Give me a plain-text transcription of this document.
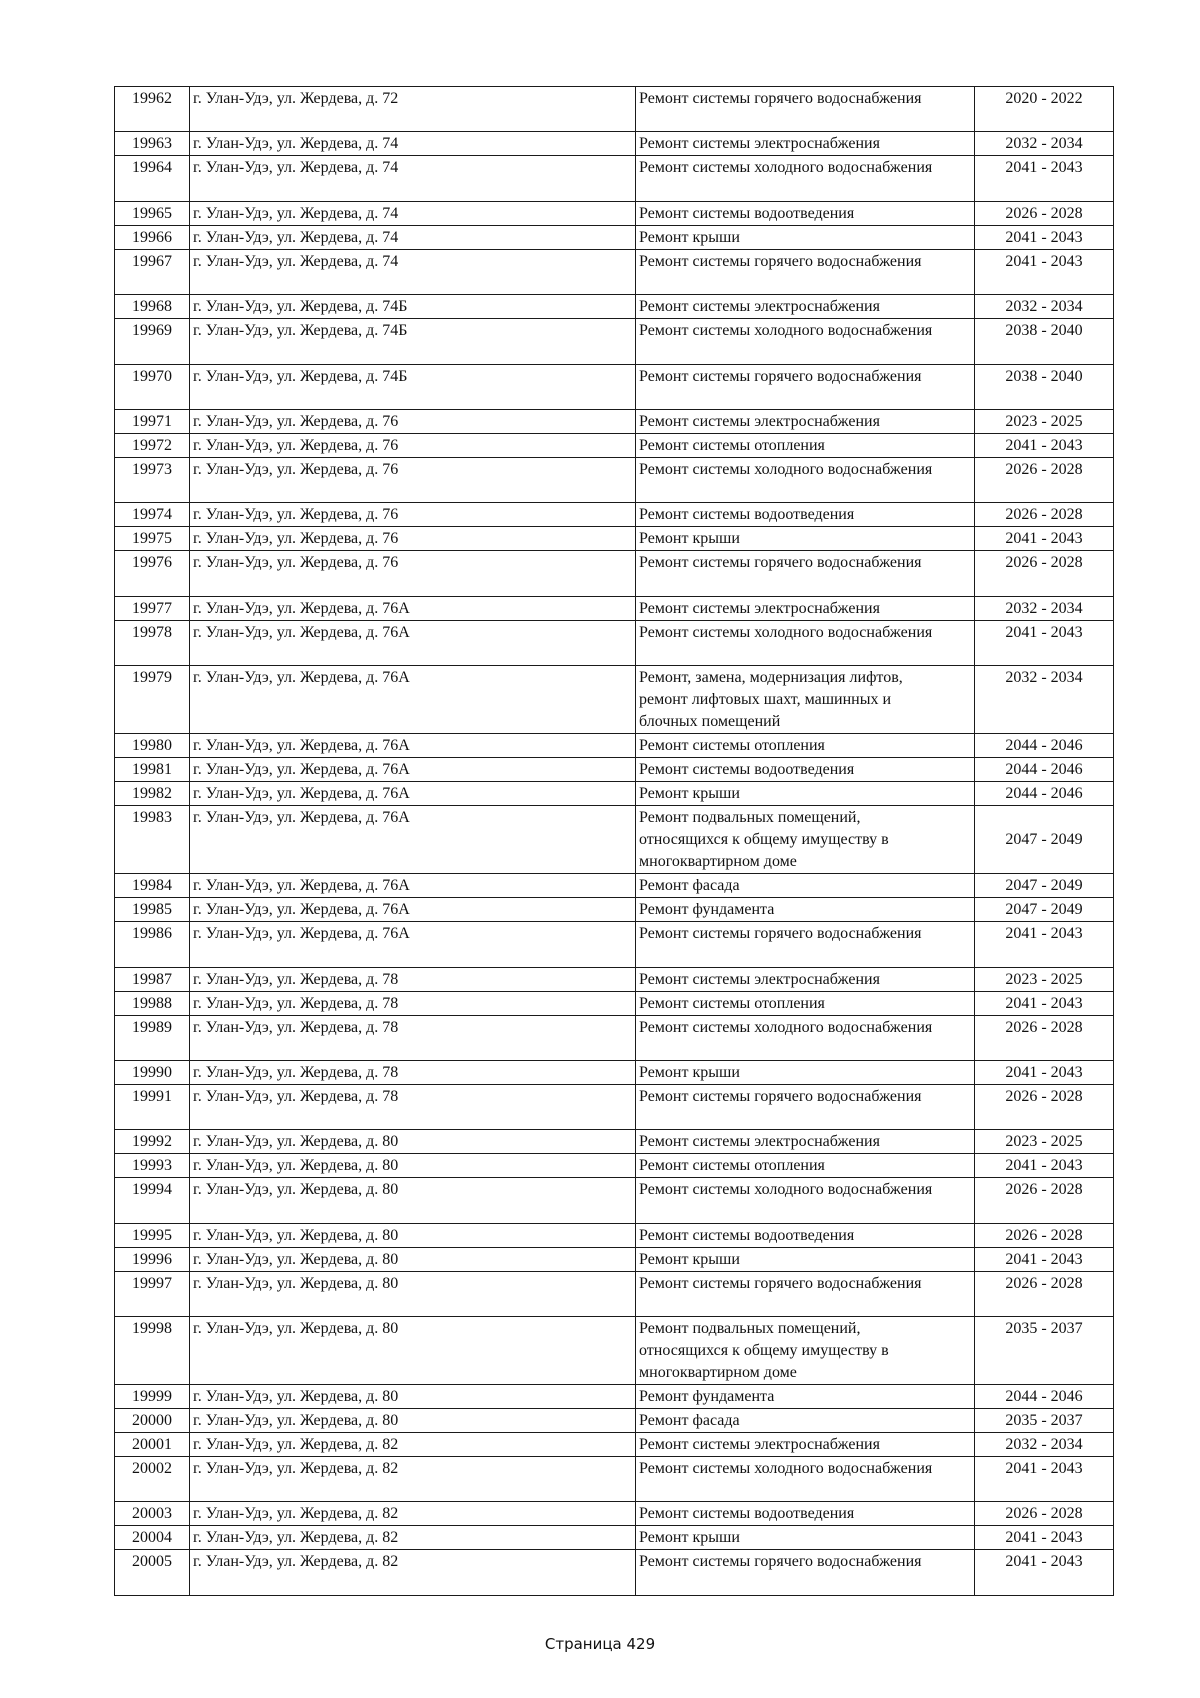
19962	г. Улан-Удэ, ул. Жердева, д. 72	Ремонт системы горячего водоснабжения	2020 - 2022
19963	г. Улан-Удэ, ул. Жердева, д. 74	Ремонт системы электроснабжения	2032 - 2034
19964	г. Улан-Удэ, ул. Жердева, д. 74	Ремонт системы холодного водоснабжения	2041 - 2043
19965	г. Улан-Удэ, ул. Жердева, д. 74	Ремонт системы водоотведения	2026 - 2028
19966	г. Улан-Удэ, ул. Жердева, д. 74	Ремонт крыши	2041 - 2043
19967	г. Улан-Удэ, ул. Жердева, д. 74	Ремонт системы горячего водоснабжения	2041 - 2043
19968	г. Улан-Удэ, ул. Жердева, д. 74Б	Ремонт системы электроснабжения	2032 - 2034
19969	г. Улан-Удэ, ул. Жердева, д. 74Б	Ремонт системы холодного водоснабжения	2038 - 2040
19970	г. Улан-Удэ, ул. Жердева, д. 74Б	Ремонт системы горячего водоснабжения	2038 - 2040
19971	г. Улан-Удэ, ул. Жердева, д. 76	Ремонт системы электроснабжения	2023 - 2025
19972	г. Улан-Удэ, ул. Жердева, д. 76	Ремонт системы отопления	2041 - 2043
19973	г. Улан-Удэ, ул. Жердева, д. 76	Ремонт системы холодного водоснабжения	2026 - 2028
19974	г. Улан-Удэ, ул. Жердева, д. 76	Ремонт системы водоотведения	2026 - 2028
19975	г. Улан-Удэ, ул. Жердева, д. 76	Ремонт крыши	2041 - 2043
19976	г. Улан-Удэ, ул. Жердева, д. 76	Ремонт системы горячего водоснабжения	2026 - 2028
19977	г. Улан-Удэ, ул. Жердева, д. 76А	Ремонт системы электроснабжения	2032 - 2034
19978	г. Улан-Удэ, ул. Жердева, д. 76А	Ремонт системы холодного водоснабжения	2041 - 2043
19979	г. Улан-Удэ, ул. Жердева, д. 76А	Ремонт, замена, модернизация лифтов,
ремонт лифтовых шахт, машинных и
блочных помещений	2032 - 2034
19980	г. Улан-Удэ, ул. Жердева, д. 76А	Ремонт системы отопления	2044 - 2046
19981	г. Улан-Удэ, ул. Жердева, д. 76А	Ремонт системы водоотведения	2044 - 2046
19982	г. Улан-Удэ, ул. Жердева, д. 76А	Ремонт крыши	2044 - 2046
19983	г. Улан-Удэ, ул. Жердева, д. 76А	Ремонт подвальных помещений,
относящихся к общему имуществу в
многоквартирном доме	2047 - 2049
19984	г. Улан-Удэ, ул. Жердева, д. 76А	Ремонт фасада	2047 - 2049
19985	г. Улан-Удэ, ул. Жердева, д. 76А	Ремонт фундамента	2047 - 2049
19986	г. Улан-Удэ, ул. Жердева, д. 76А	Ремонт системы горячего водоснабжения	2041 - 2043
19987	г. Улан-Удэ, ул. Жердева, д. 78	Ремонт системы электроснабжения	2023 - 2025
19988	г. Улан-Удэ, ул. Жердева, д. 78	Ремонт системы отопления	2041 - 2043
19989	г. Улан-Удэ, ул. Жердева, д. 78	Ремонт системы холодного водоснабжения	2026 - 2028
19990	г. Улан-Удэ, ул. Жердева, д. 78	Ремонт крыши	2041 - 2043
19991	г. Улан-Удэ, ул. Жердева, д. 78	Ремонт системы горячего водоснабжения	2026 - 2028
19992	г. Улан-Удэ, ул. Жердева, д. 80	Ремонт системы электроснабжения	2023 - 2025
19993	г. Улан-Удэ, ул. Жердева, д. 80	Ремонт системы отопления	2041 - 2043
19994	г. Улан-Удэ, ул. Жердева, д. 80	Ремонт системы холодного водоснабжения	2026 - 2028
19995	г. Улан-Удэ, ул. Жердева, д. 80	Ремонт системы водоотведения	2026 - 2028
19996	г. Улан-Удэ, ул. Жердева, д. 80	Ремонт крыши	2041 - 2043
19997	г. Улан-Удэ, ул. Жердева, д. 80	Ремонт системы горячего водоснабжения	2026 - 2028
19998	г. Улан-Удэ, ул. Жердева, д. 80	Ремонт подвальных помещений,
относящихся к общему имуществу в
многоквартирном доме	2035 - 2037
19999	г. Улан-Удэ, ул. Жердева, д. 80	Ремонт фундамента	2044 - 2046
20000	г. Улан-Удэ, ул. Жердева, д. 80	Ремонт фасада	2035 - 2037
20001	г. Улан-Удэ, ул. Жердева, д. 82	Ремонт системы электроснабжения	2032 - 2034
20002	г. Улан-Удэ, ул. Жердева, д. 82	Ремонт системы холодного водоснабжения	2041 - 2043
20003	г. Улан-Удэ, ул. Жердева, д. 82	Ремонт системы водоотведения	2026 - 2028
20004	г. Улан-Удэ, ул. Жердева, д. 82	Ремонт крыши	2041 - 2043
20005	г. Улан-Удэ, ул. Жердева, д. 82	Ремонт системы горячего водоснабжения	2041 - 2043
Страница 429
